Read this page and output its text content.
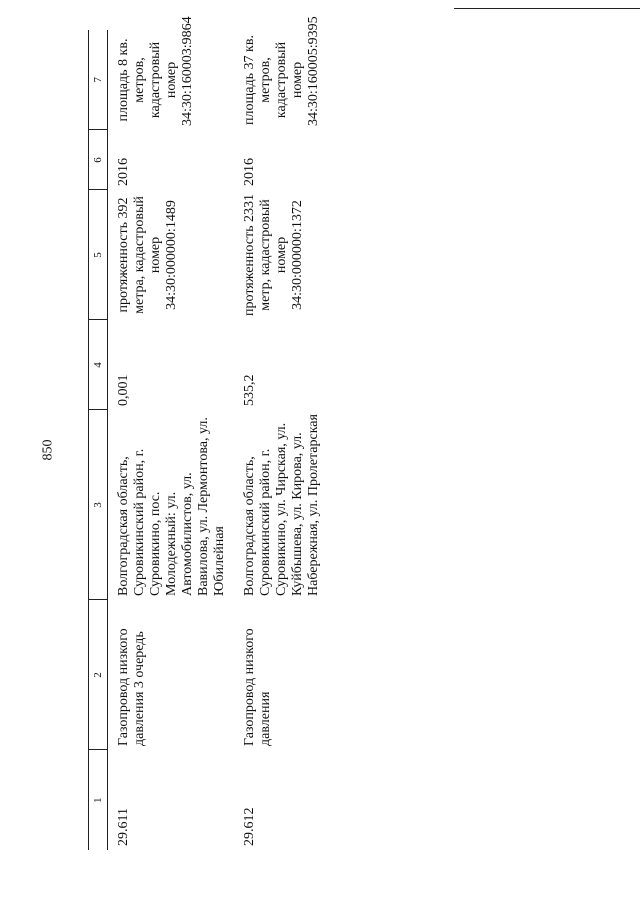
850
1	2	3	4	5	6	7
29.611	Газопровод низкого давления 3 очередь	Волгоградская область, Суровикинский район, г. Суровикино, пос. Молодежный: ул. Автомобилистов, ул. Вавилова, ул. Лермонтова, ул. Юбилейная	0,001	протяженность 392 метра, кадастровый номер 34:30:000000:1489	2016	площадь 8 кв. метров, кадастровый номер 34:30:160003:9864
29.612	Газопровод низкого давления	Волгоградская область, Суровикинский район, г. Суровикино, ул. Чирская, ул. Куйбышева, ул. Кирова, ул. Набережная, ул. Пролетарская	535,2	протяженность 2331 метр, кадастровый номер 34:30:000000:1372	2016	площадь 37 кв. метров, кадастровый номер 34:30:160005:9395
